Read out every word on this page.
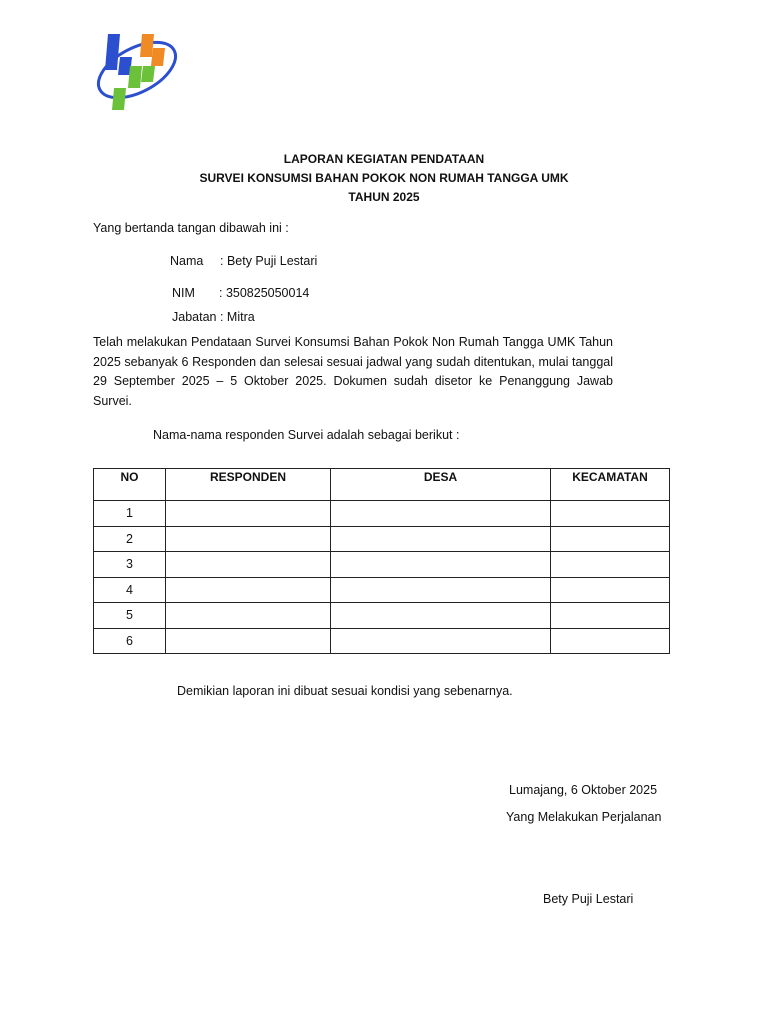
LAPORAN KEGIATAN PENDATAAN
SURVEI KONSUMSI BAHAN POKOK NON RUMAH TANGGA UMK
TAHUN 2025
Yang bertanda tangan dibawah ini :
Nama : Bety Puji Lestari
NIM : 350825050014
Jabatan : Mitra
Telah melakukan Pendataan Survei Konsumsi Bahan Pokok Non Rumah Tangga UMK Tahun 2025 sebanyak 6 Responden dan selesai sesuai jadwal yang sudah ditentukan, mulai tanggal 29 September 2025 – 5 Oktober 2025. Dokumen sudah disetor ke Penanggung Jawab Survei.
Nama-nama responden Survei adalah sebagai berikut :
NO	RESPONDEN	DESA	KECAMATAN
1			
2			
3			
4			
5			
6			
Demikian laporan ini dibuat sesuai kondisi yang sebenarnya.
Lumajang, 6 Oktober 2025
Yang Melakukan Perjalanan
Bety Puji Lestari
